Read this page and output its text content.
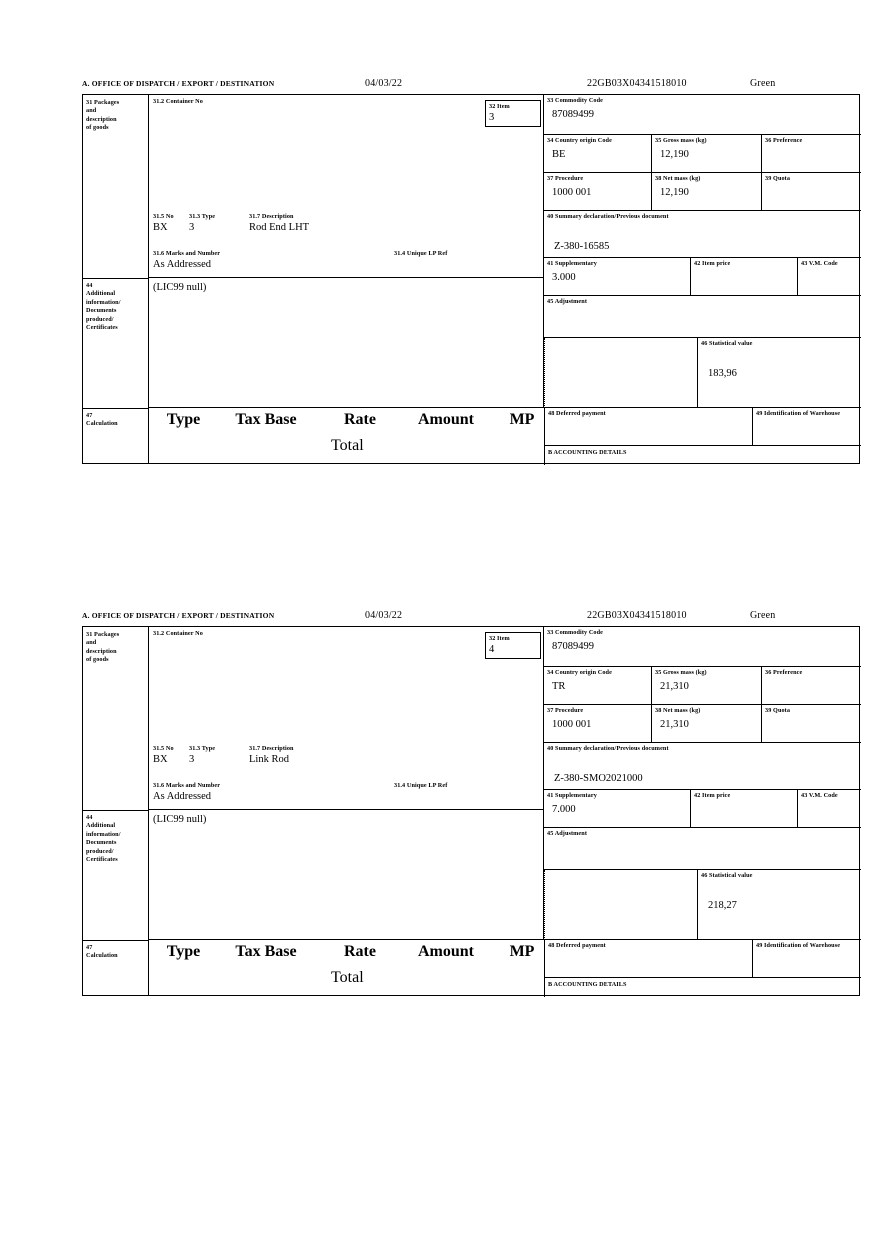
A. OFFICE OF DISPATCH / EXPORT / DESTINATION	04/03/22	22GB03X04341518010	Green
31 Packages
and
description
of goods
44
Additional
information/
Documents
produced/
Certificates
47
Calculation
31.2 Container No
31.5 No 31.3 Type	31.7 Description
BX 3	Rod End LHT
31.6 Marks and Number
As Addressed
31.4 Unique LP Ref
32 Item
3
(LIC99 null)
33 Commodity Code
87089499
34 Country origin Code
BE
35 Gross mass (kg)
12,190
36 Preference
37 Procedure
1000 001
38 Net mass (kg)
12,190
39 Quota
40 Summary declaration/Previous document
Z-380-16585
41 Supplementary
3.000
42 Item price	43 V.M. Code
45 Adjustment
46 Statistical value
183,96
Type	Tax Base	Rate	Amount	MP

		Total		
48 Deferred payment	49 Identification of Warehouse
B ACCOUNTING DETAILS
A. OFFICE OF DISPATCH / EXPORT / DESTINATION	04/03/22	22GB03X04341518010	Green
31 Packages
and
description
of goods
44
Additional
information/
Documents
produced/
Certificates
47
Calculation
31.2 Container No
31.5 No 31.3 Type	31.7 Description
BX 3	Link Rod
31.6 Marks and Number
As Addressed
31.4 Unique LP Ref
32 Item
4
(LIC99 null)
33 Commodity Code
87089499
34 Country origin Code
TR
35 Gross mass (kg)
21,310
36 Preference
37 Procedure
1000 001
38 Net mass (kg)
21,310
39 Quota
40 Summary declaration/Previous document
Z-380-SMO2021000
41 Supplementary
7.000
42 Item price	43 V.M. Code
45 Adjustment
46 Statistical value
218,27
Type	Tax Base	Rate	Amount	MP

		Total		
48 Deferred payment	49 Identification of Warehouse
B ACCOUNTING DETAILS
